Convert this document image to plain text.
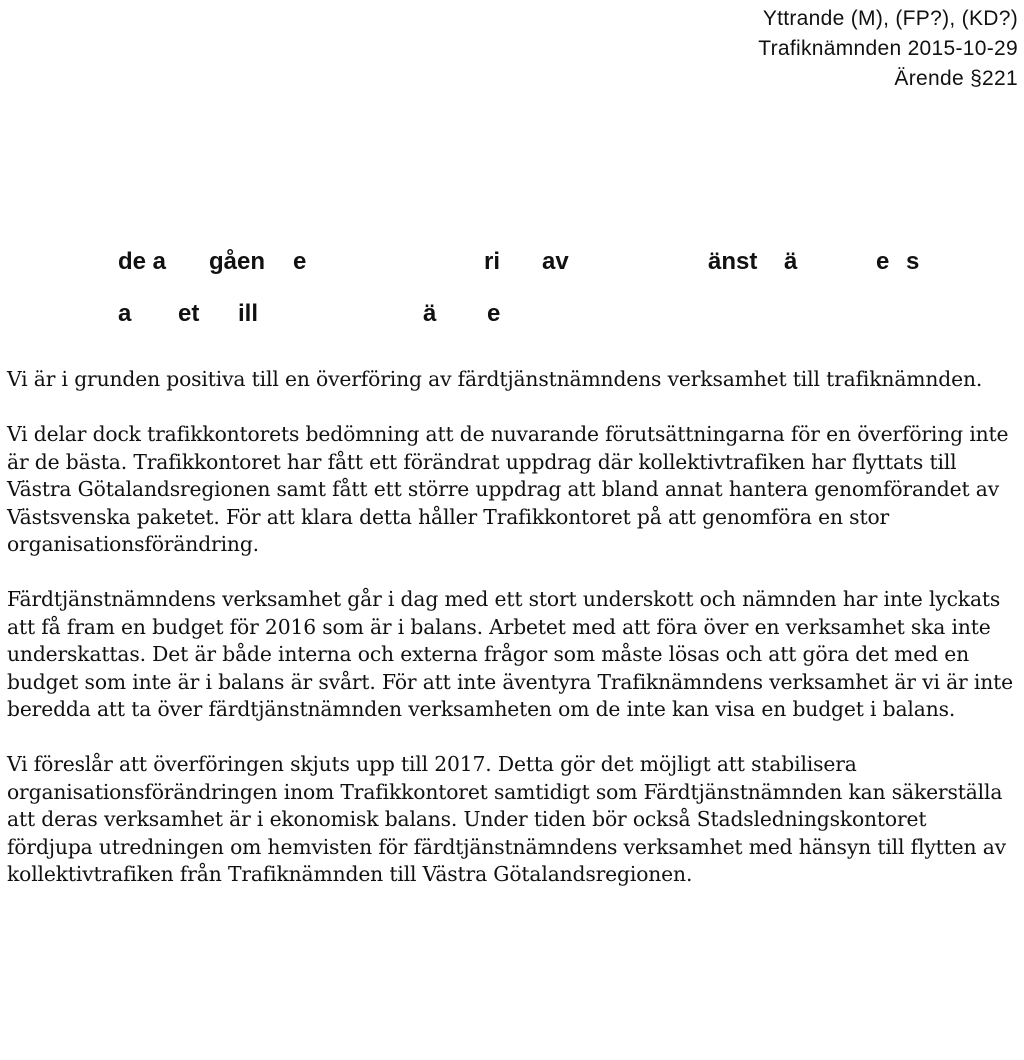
Yttrande (M), (FP?), (KD?)
Trafiknämnden 2015-10-29
Ärende §221
de a gåen e	ri av	änst ä	e s
a et ill	ä e

Vi är i grunden positiva till en överföring av färdtjänstnämndens verksamhet till trafiknämnden.

Vi delar dock trafikkontorets bedömning att de nuvarande förutsättningarna för en överföring inte är de bästa. Trafikkontoret har fått ett förändrat uppdrag där kollektivtrafiken har flyttats till Västra Götalandsregionen samt fått ett större uppdrag att bland annat hantera genomförandet av Västsvenska paketet. För att klara detta håller Trafikkontoret på att genomföra en stor organisationsförändring.

Färdtjänstnämndens verksamhet går i dag med ett stort underskott och nämnden har inte lyckats att få fram en budget för 2016 som är i balans. Arbetet med att föra över en verksamhet ska inte underskattas. Det är både interna och externa frågor som måste lösas och att göra det med en budget som inte är i balans är svårt. För att inte äventyra Trafiknämndens verksamhet är vi är inte beredda att ta över färdtjänstnämnden verksamheten om de inte kan visa en budget i balans.

Vi föreslår att överföringen skjuts upp till 2017. Detta gör det möjligt att stabilisera organisationsförändringen inom Trafikkontoret samtidigt som Färdtjänstnämnden kan säkerställa att deras verksamhet är i ekonomisk balans. Under tiden bör också Stadsledningskontoret fördjupa utredningen om hemvisten för färdtjänstnämndens verksamhet med hänsyn till flytten av kollektivtrafiken från Trafiknämnden till Västra Götalandsregionen.
